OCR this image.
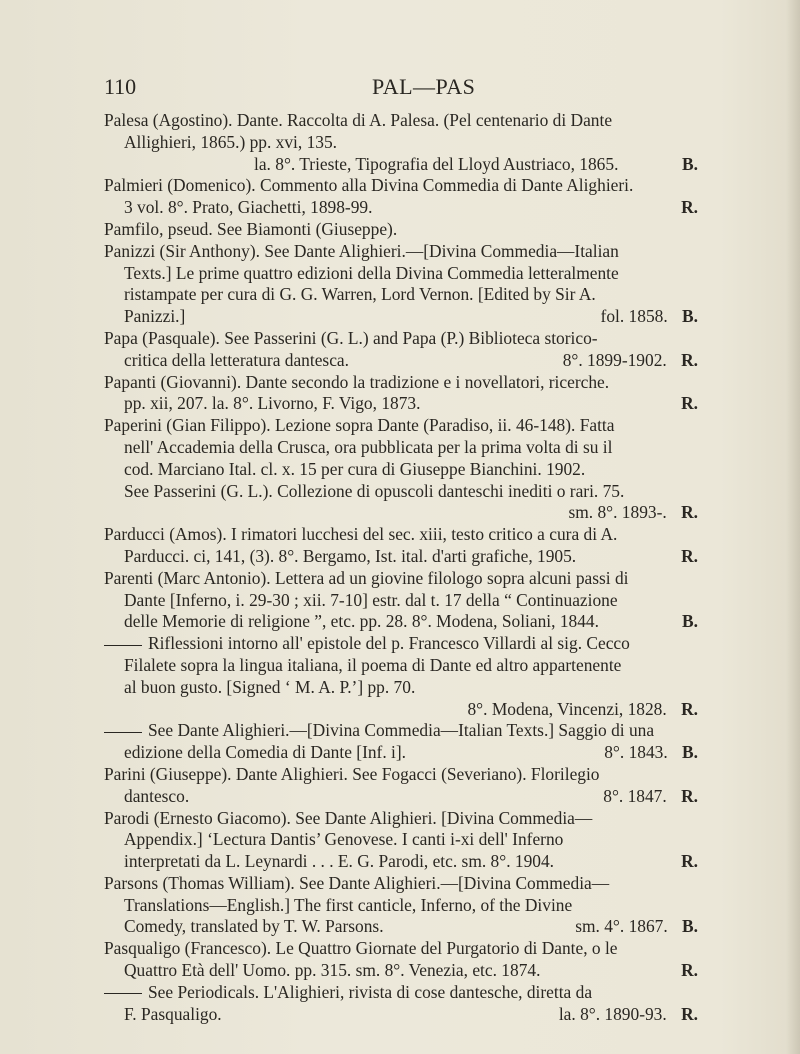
110	PAL—PAS
Palesa (Agostino). Dante. Raccolta di A. Palesa. (Pel centenario di Dante
Allighieri, 1865.) pp. xvi, 135.
la. 8°. Trieste, Tipografia del Lloyd Austriaco, 1865.	B.
Palmieri (Domenico). Commento alla Divina Commedia di Dante Alighieri.
3 vol. 8°. Prato, Giachetti, 1898-99.	R.
Pamfilo, pseud. See Biamonti (Giuseppe).
Panizzi (Sir Anthony). See Dante Alighieri.—[Divina Commedia—Italian
Texts.] Le prime quattro edizioni della Divina Commedia letteralmente
ristampate per cura di G. G. Warren, Lord Vernon. [Edited by Sir A.
Panizzi.]	fol. 1858. B.
Papa (Pasquale). See Passerini (G. L.) and Papa (P.) Biblioteca storico-
critica della letteratura dantesca.	8°. 1899-1902. R.
Papanti (Giovanni). Dante secondo la tradizione e i novellatori, ricerche.
pp. xii, 207. la. 8°. Livorno, F. Vigo, 1873.	R.
Paperini (Gian Filippo). Lezione sopra Dante (Paradiso, ii. 46-148). Fatta
nell' Accademia della Crusca, ora pubblicata per la prima volta di su il
cod. Marciano Ital. cl. x. 15 per cura di Giuseppe Bianchini. 1902.
See Passerini (G. L.). Collezione di opuscoli danteschi inediti o rari. 75.
sm. 8°. 1893-. R.
Parducci (Amos). I rimatori lucchesi del sec. xiii, testo critico a cura di A.
Parducci. ci, 141, (3). 8°. Bergamo, Ist. ital. d'arti grafiche, 1905.	R.
Parenti (Marc Antonio). Lettera ad un giovine filologo sopra alcuni passi di
Dante [Inferno, i. 29-30 ; xii. 7-10] estr. dal t. 17 della “ Continuazione
delle Memorie di religione ”, etc. pp. 28. 8°. Modena, Soliani, 1844.	B.
Riflessioni intorno all' epistole del p. Francesco Villardi al sig. Cecco
Filalete sopra la lingua italiana, il poema di Dante ed altro appartenente
al buon gusto. [Signed ‘ M. A. P.’] pp. 70.
8°. Modena, Vincenzi, 1828. R.
See Dante Alighieri.—[Divina Commedia—Italian Texts.] Saggio di una
edizione della Comedia di Dante [Inf. i].	8°. 1843. B.
Parini (Giuseppe). Dante Alighieri. See Fogacci (Severiano). Florilegio
dantesco.	8°. 1847. R.
Parodi (Ernesto Giacomo). See Dante Alighieri. [Divina Commedia—
Appendix.] ‘Lectura Dantis’ Genovese. I canti i-xi dell' Inferno
interpretati da L. Leynardi . . . E. G. Parodi, etc. sm. 8°. 1904.	R.
Parsons (Thomas William). See Dante Alighieri.—[Divina Commedia—
Translations—English.] The first canticle, Inferno, of the Divine
Comedy, translated by T. W. Parsons.	sm. 4°. 1867. B.
Pasqualigo (Francesco). Le Quattro Giornate del Purgatorio di Dante, o le
Quattro Età dell' Uomo. pp. 315. sm. 8°. Venezia, etc. 1874.	R.
See Periodicals. L'Alighieri, rivista di cose dantesche, diretta da
F. Pasqualigo.	la. 8°. 1890-93. R.
